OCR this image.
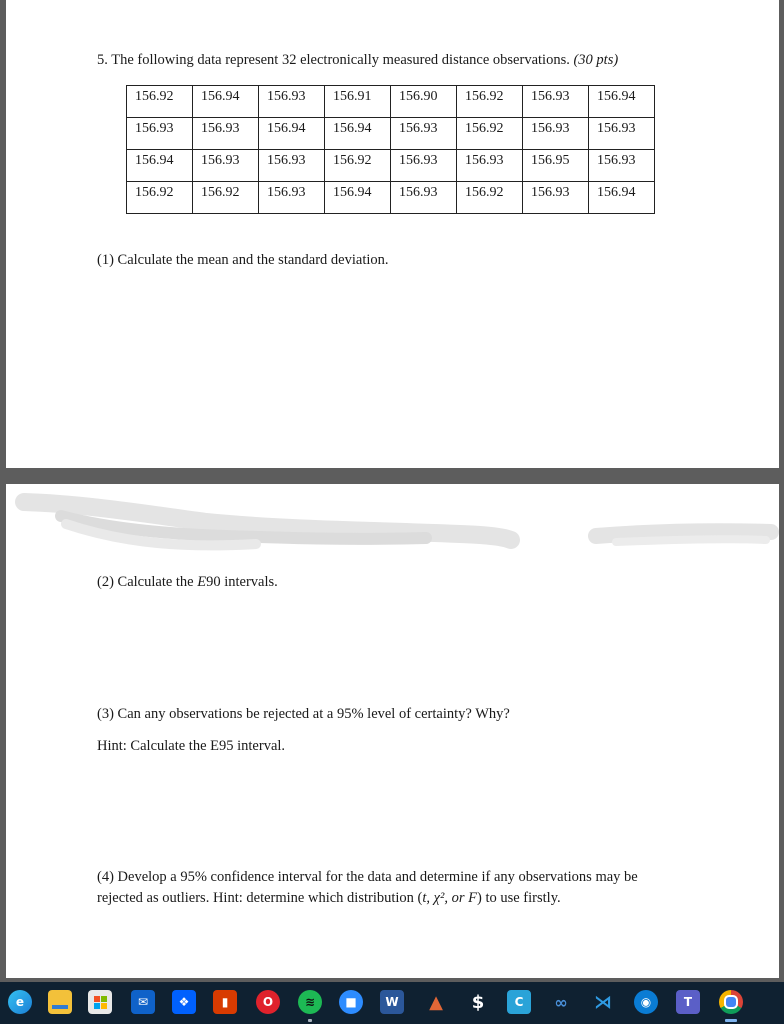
5. The following data represent 32 electronically measured distance observations. (30 pts)
156.92	156.94	156.93	156.91	156.90	156.92	156.93	156.94
156.93	156.93	156.94	156.94	156.93	156.92	156.93	156.93
156.94	156.93	156.93	156.92	156.93	156.93	156.95	156.93
156.92	156.92	156.93	156.94	156.93	156.92	156.93	156.94
(1) Calculate the mean and the standard deviation.
(2) Calculate the E90 intervals.
(3) Can any observations be rejected at a 95% level of certainty? Why?
Hint: Calculate the E95 interval.
(4) Develop a 95% confidence interval for the data and determine if any observations may be
rejected as outliers. Hint: determine which distribution (t, χ², or F) to use firstly.
e	✉	❖	▮	O	≋	■	W ▲	$	C	∞ ⋊	◉	T
